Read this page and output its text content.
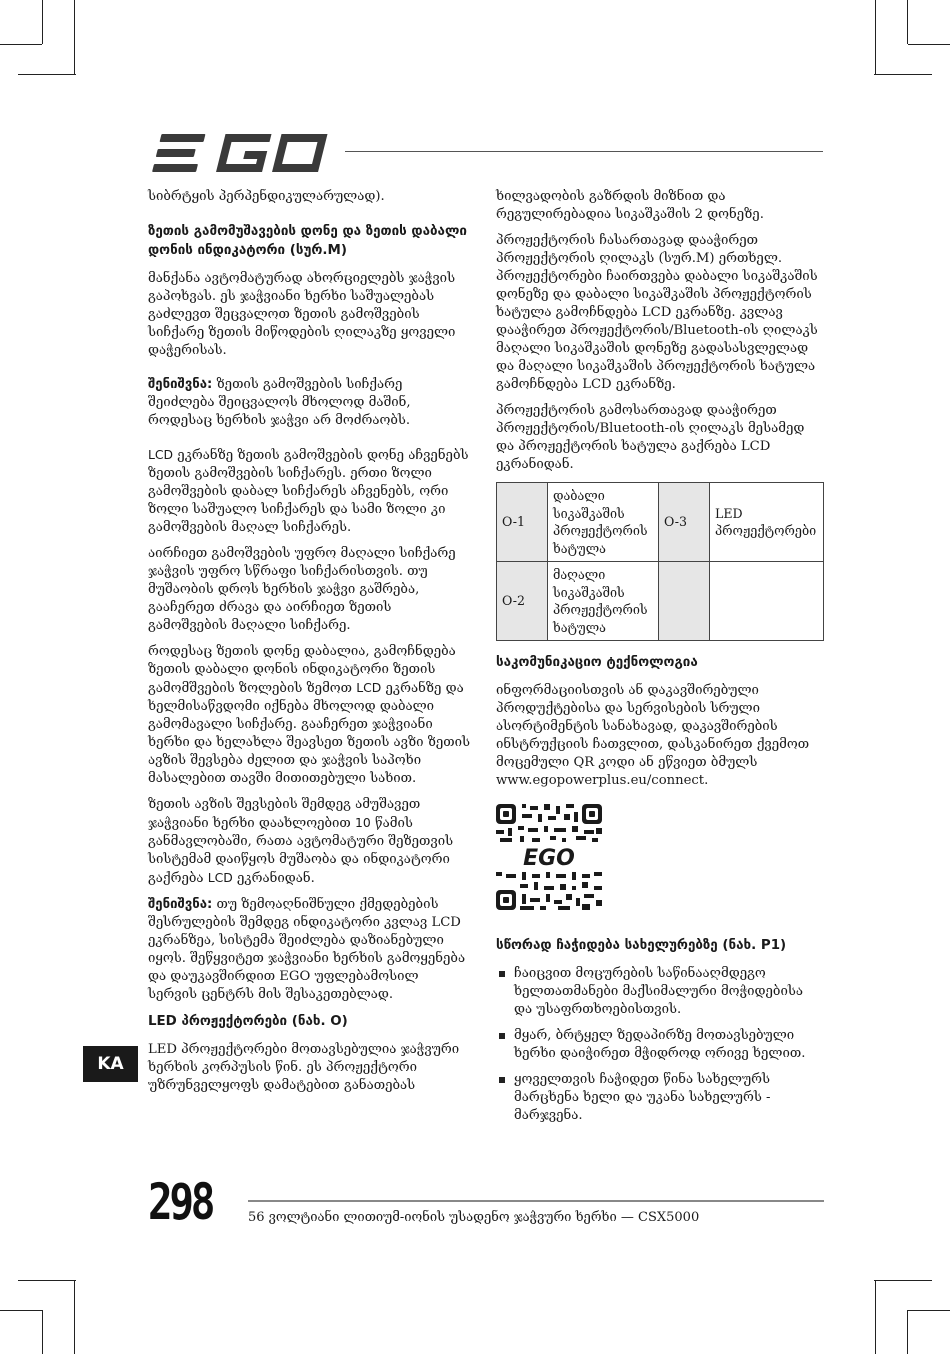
სიბრტყის პერპენდიკულარულად).

ზეთის გამომუშავების დონე და ზეთის დაბალი დონის ინდიკატორი (სურ.M)

მანქანა ავტომატურად ახორციელებს ჯაჭვის გაპოხვას. ეს ჯაჭვიანი ხერხი საშუალებას გაძლევთ შეცვალოთ ზეთის გამოშვების სიჩქარე ზეთის მიწოდების ღილაკზე ყოველი დაჭერისას.

შენიშვნა: ზეთის გამოშვების სიჩქარე შეიძლება შეიცვალოს მხოლოდ მაშინ, როდესაც ხერხის ჯაჭვი არ მოძრაობს.

LCD ეკრანზე ზეთის გამოშვების დონე აჩვენებს ზეთის გამოშვების სიჩქარეს. ერთი ზოლი გამოშვების დაბალ სიჩქარეს აჩვენებს, ორი ზოლი საშუალო სიჩქარეს და სამი ზოლი კი გამოშვების მაღალ სიჩქარეს.

აირჩიეთ გამოშვების უფრო მაღალი სიჩქარე ჯაჭვის უფრო სწრაფი სიჩქარისთვის. თუ მუშაობის დროს ხერხის ჯაჭვი გაშრება, გააჩერეთ ძრავა და აირჩიეთ ზეთის გამოშვების მაღალი სიჩქარე.

როდესაც ზეთის დონე დაბალია, გამოჩნდება ზეთის დაბალი დონის ინდიკატორი ზეთის გამომშვების ზოლების ზემოთ LCD ეკრანზე და ხელმისაწვდომი იქნება მხოლოდ დაბალი გამომავალი სიჩქარე. გააჩერეთ ჯაჭვიანი ხერხი და ხელახლა შეავსეთ ზეთის ავზი ზეთის ავზის შევსება ძელით და ჯაჭვის საპოხი მასალებით თავში მითითებული სახით.

ზეთის ავზის შევსების შემდეგ ამუშავეთ ჯაჭვიანი ხერხი დაახლოებით 10 წამის განმავლობაში, რათა ავტომატური შეზეთვის სისტემამ დაიწყოს მუშაობა და ინდიკატორი გაქრება LCD ეკრანიდან.

შენიშვნა: თუ ზემოაღნიშნული ქმედებების შესრულების შემდეგ ინდიკატორი კვლავ LCD ეკრანზეა, სისტემა შეიძლება დაზიანებული იყოს. შეწყვიტეთ ჯაჭვიანი ხერხის გამოყენება და დაუკავშირდით EGO უფლებამოსილ სერვის ცენტრს მის შესაკეთებლად.

LED პროჟექტორები (ნახ. O)

LED პროჟექტორები მოთავსებულია ჯაჭვური ხერხის კორპუსის წინ. ეს პროჟექტორი უზრუნველყოფს დამატებით განათებას

ხილვადობის გაზრდის მიზნით და რეგულირებადია სიკაშკაშის 2 დონეზე.

პროჟექტორის ჩასართავად დააჭირეთ პროჟექტორის ღილაკს (სურ.M) ერთხელ. პროჟექტორები ჩაირთვება დაბალი სიკაშკაშის დონეზე და დაბალი სიკაშკაშის პროჟექტორის ხატულა გამოჩნდება LCD ეკრანზე. კვლავ დააჭირეთ პროჟექტორის/Bluetooth-ის ღილაკს მაღალი სიკაშკაშის დონეზე გადასასვლელად და მაღალი სიკაშკაშის პროჟექტორის ხატულა გამოჩნდება LCD ეკრანზე.

პროჟექტორის გამოსართავად დააჭირეთ პროჟექტორის/Bluetooth-ის ღილაკს მესამედ და პროჟექტორის ხატულა გაქრება LCD ეკრანიდან.

O-1	დაბალი სიკაშკაშის პროჟექტორის ხატულა	O-3	LED პროჟექტორები
O-2	მაღალი სიკაშკაშის პროჟექტორის ხატულა		
საკომუნიკაციო ტექნოლოგია

ინფორმაციისთვის ან დაკავშირებული პროდუქტებისა და სერვისების სრული ასორტიმენტის სანახავად, დაკავშირების ინსტრუქციის ჩათვლით, დასკანირეთ ქვემოთ მოცემული QR კოდი ან ეწვიეთ ბმულს www.egopowerplus.eu/connect.

EGO
სწორად ჩაჭიდება სახელურებზე (ნახ. P1)
ჩაიცვით მოცურების საწინააღმდეგო ხელთათმანები მაქსიმალური მოჭიდებისა და უსაფრთხოებისთვის.
მყარ, ბრტყელ ზედაპირზე მოთავსებული ხერხი დაიჭირეთ მჭიდროდ ორივე ხელით.
ყოველთვის ჩაჭიდეთ წინა სახელურს მარცხენა ხელი და უკანა სახელურს - მარჯვენა.
KA
298	56 ვოლტიანი ლითიუმ-იონის უსადენო ჯაჭვური ხერხი — CSX5000
